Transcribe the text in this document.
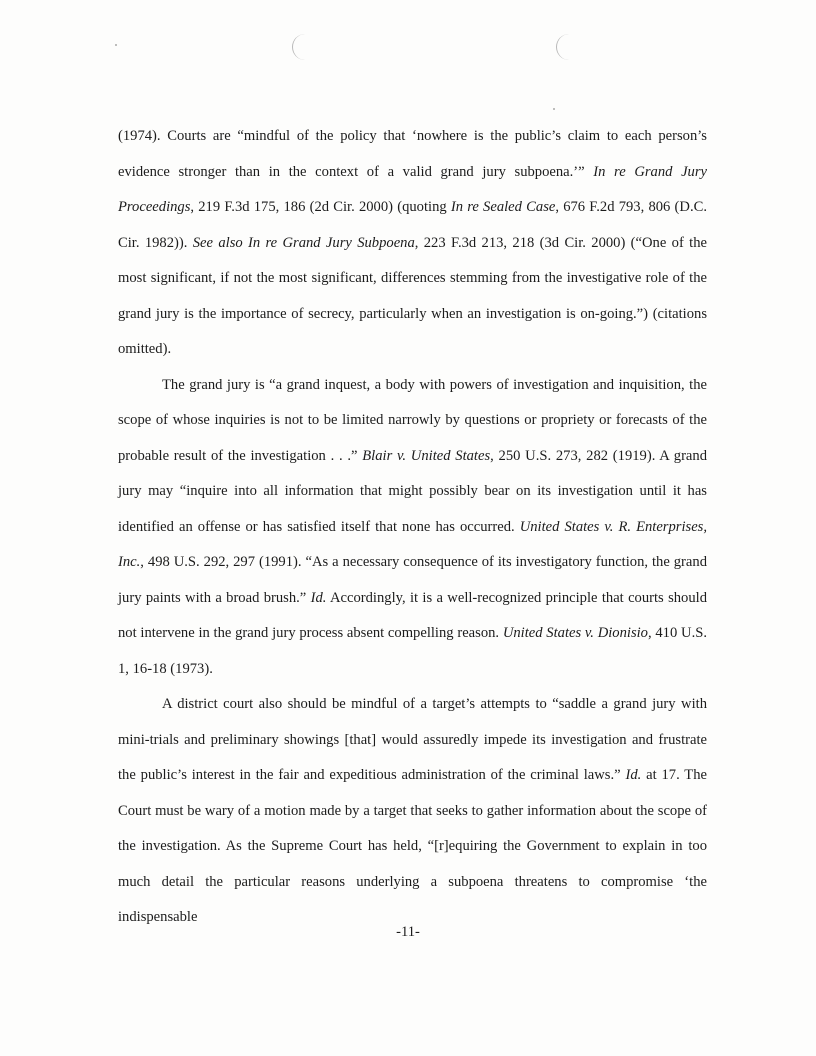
(1974). Courts are “mindful of the policy that ‘nowhere is the public’s claim to each person’s evidence stronger than in the context of a valid grand jury subpoena.’” In re Grand Jury Proceedings, 219 F.3d 175, 186 (2d Cir. 2000) (quoting In re Sealed Case, 676 F.2d 793, 806 (D.C. Cir. 1982)). See also In re Grand Jury Subpoena, 223 F.3d 213, 218 (3d Cir. 2000) (“One of the most significant, if not the most significant, differences stemming from the investigative role of the grand jury is the importance of secrecy, particularly when an investigation is on-going.”) (citations omitted).

The grand jury is “a grand inquest, a body with powers of investigation and inquisition, the scope of whose inquiries is not to be limited narrowly by questions or propriety or forecasts of the probable result of the investigation . . .” Blair v. United States, 250 U.S. 273, 282 (1919). A grand jury may “inquire into all information that might possibly bear on its investigation until it has identified an offense or has satisfied itself that none has occurred. United States v. R. Enterprises, Inc., 498 U.S. 292, 297 (1991). “As a necessary consequence of its investigatory function, the grand jury paints with a broad brush.” Id. Accordingly, it is a well-recognized principle that courts should not intervene in the grand jury process absent compelling reason. United States v. Dionisio, 410 U.S. 1, 16-18 (1973).

A district court also should be mindful of a target’s attempts to “saddle a grand jury with mini-trials and preliminary showings [that] would assuredly impede its investigation and frustrate the public’s interest in the fair and expeditious administration of the criminal laws.” Id. at 17. The Court must be wary of a motion made by a target that seeks to gather information about the scope of the investigation. As the Supreme Court has held, “[r]equiring the Government to explain in too much detail the particular reasons underlying a subpoena threatens to compromise ‘the indispensable

-11-
